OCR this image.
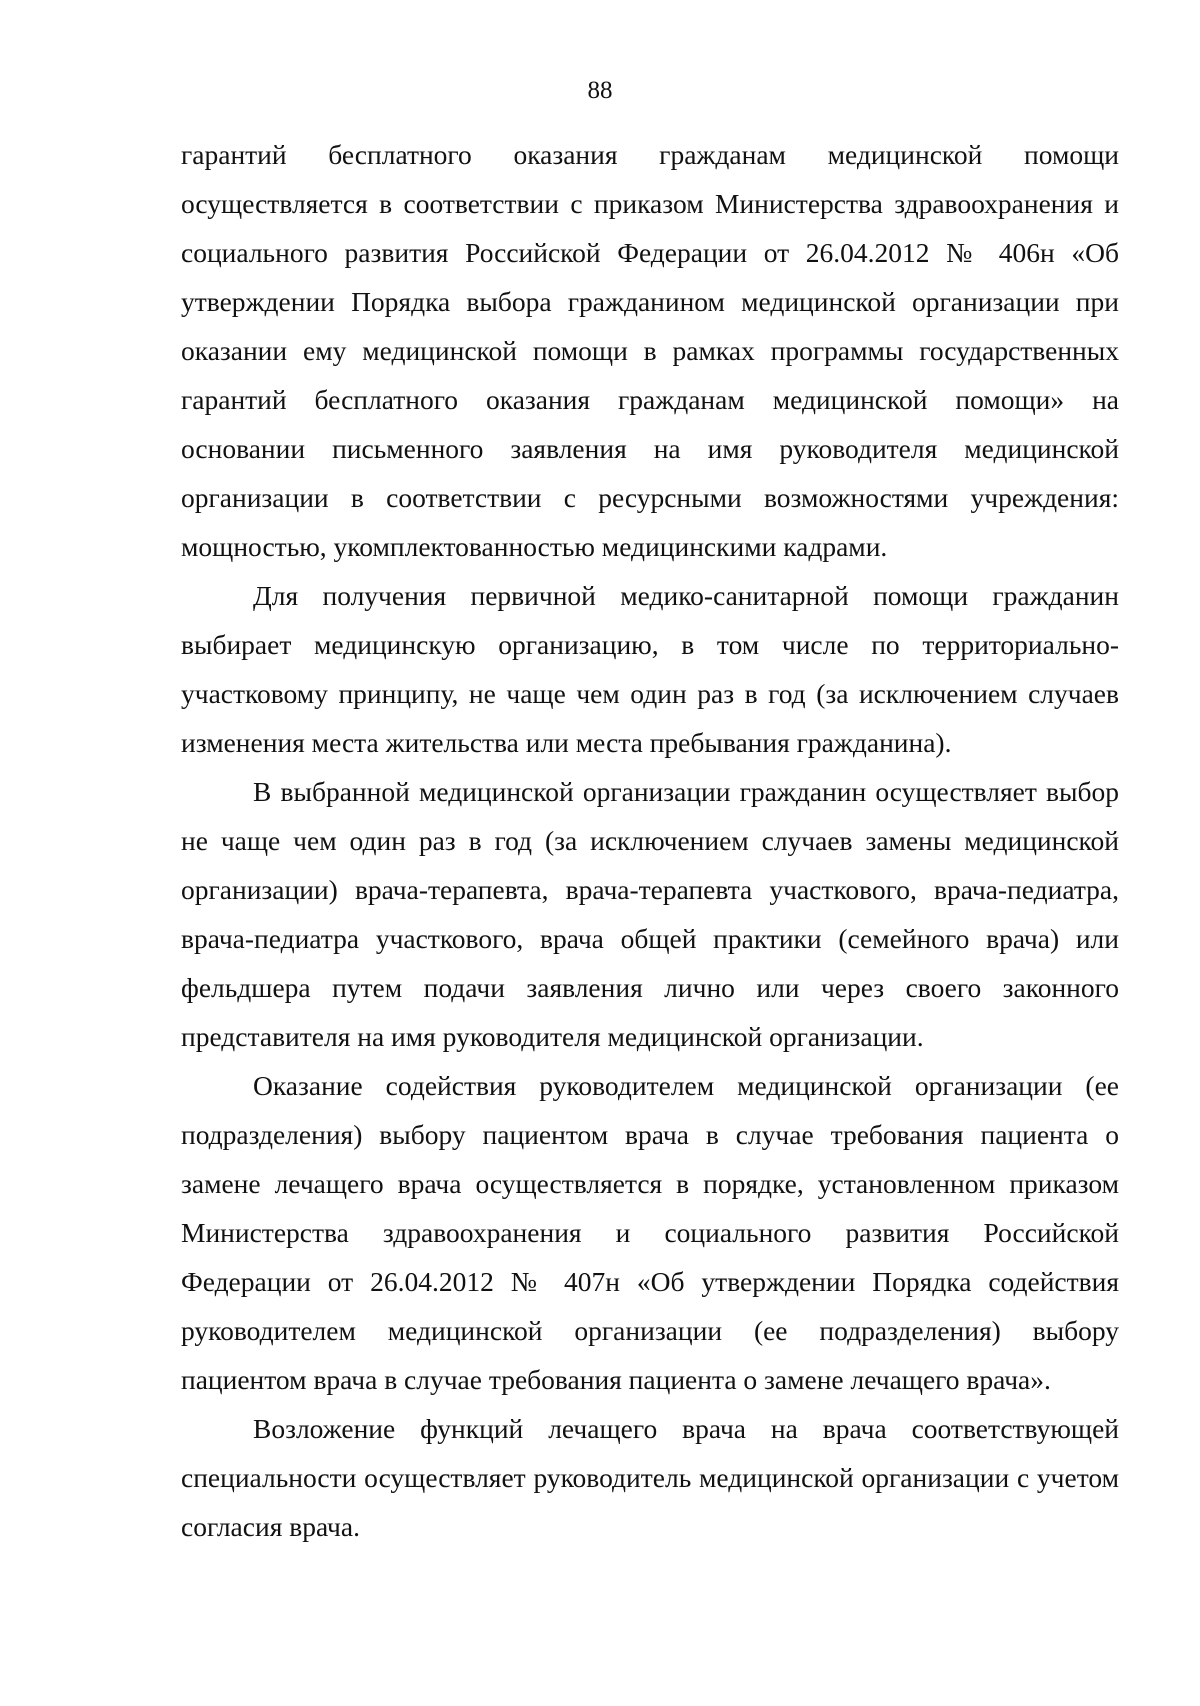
88

гарантий бесплатного оказания гражданам медицинской помощи осуществляется в соответствии с приказом Министерства здравоохранения и социального развития Российской Федерации от 26.04.2012 № 406н «Об утверждении Порядка выбора гражданином медицинской организации при оказании ему медицинской помощи в рамках программы государственных гарантий бесплатного оказания гражданам медицинской помощи» на основании письменного заявления на имя руководителя медицинской организации в соответствии с ресурсными возможностями учреждения: мощностью, укомплектованностью медицинскими кадрами.

Для получения первичной медико-санитарной помощи гражданин выбирает медицинскую организацию, в том числе по территориально-участковому принципу, не чаще чем один раз в год (за исключением случаев изменения места жительства или места пребывания гражданина).

В выбранной медицинской организации гражданин осуществляет выбор не чаще чем один раз в год (за исключением случаев замены медицинской организации) врача-терапевта, врача-терапевта участкового, врача-педиатра, врача-педиатра участкового, врача общей практики (семейного врача) или фельдшера путем подачи заявления лично или через своего законного представителя на имя руководителя медицинской организации.

Оказание содействия руководителем медицинской организации (ее подразделения) выбору пациентом врача в случае требования пациента о замене лечащего врача осуществляется в порядке, установленном приказом Министерства здравоохранения и социального развития Российской Федерации от 26.04.2012 № 407н «Об утверждении Порядка содействия руководителем медицинской организации (ее подразделения) выбору пациентом врача в случае требования пациента о замене лечащего врача».

Возложение функций лечащего врача на врача соответствующей специальности осуществляет руководитель медицинской организации с учетом согласия врача.
